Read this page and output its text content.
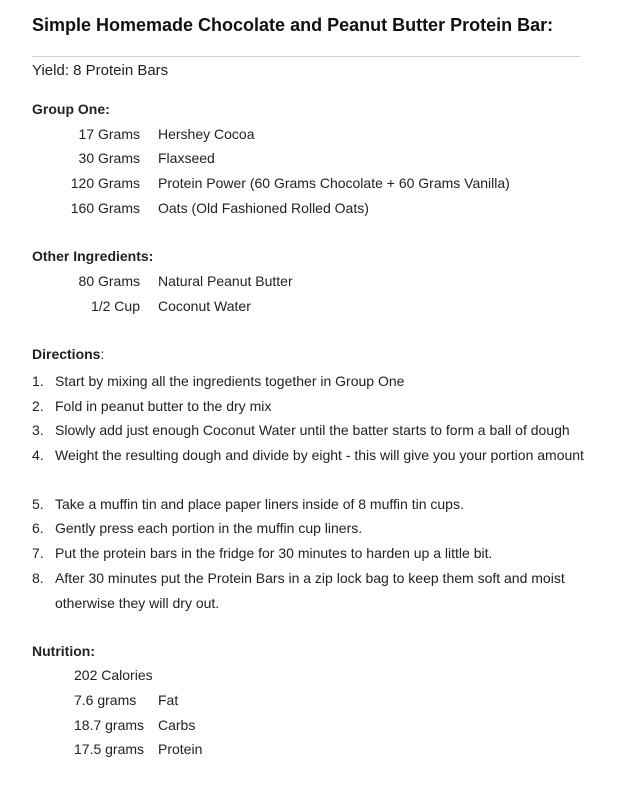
Simple Homemade Chocolate and Peanut Butter Protein Bar:
Yield: 8 Protein Bars
Group One:
17 Grams Hershey Cocoa
30 Grams Flaxseed
120 Grams Protein Power (60 Grams Chocolate + 60 Grams Vanilla)
160 Grams Oats (Old Fashioned Rolled Oats)
Other Ingredients:
80 Grams Natural Peanut Butter
1/2 Cup Coconut Water
Directions:
1. Start by mixing all the ingredients together in Group One
2. Fold in peanut butter to the dry mix
3. Slowly add just enough Coconut Water until the batter starts to form a ball of dough
4. Weight the resulting dough and divide by eight - this will give you your portion amount
5. Take a muffin tin and place paper liners inside of 8 muffin tin cups.
6. Gently press each portion in the muffin cup liners.
7. Put the protein bars in the fridge for 30 minutes to harden up a little bit.
8. After 30 minutes put the Protein Bars in a zip lock bag to keep them soft and moist otherwise they will dry out.
Nutrition:
202 Calories
7.6 grams Fat
18.7 grams Carbs
17.5 grams Protein
